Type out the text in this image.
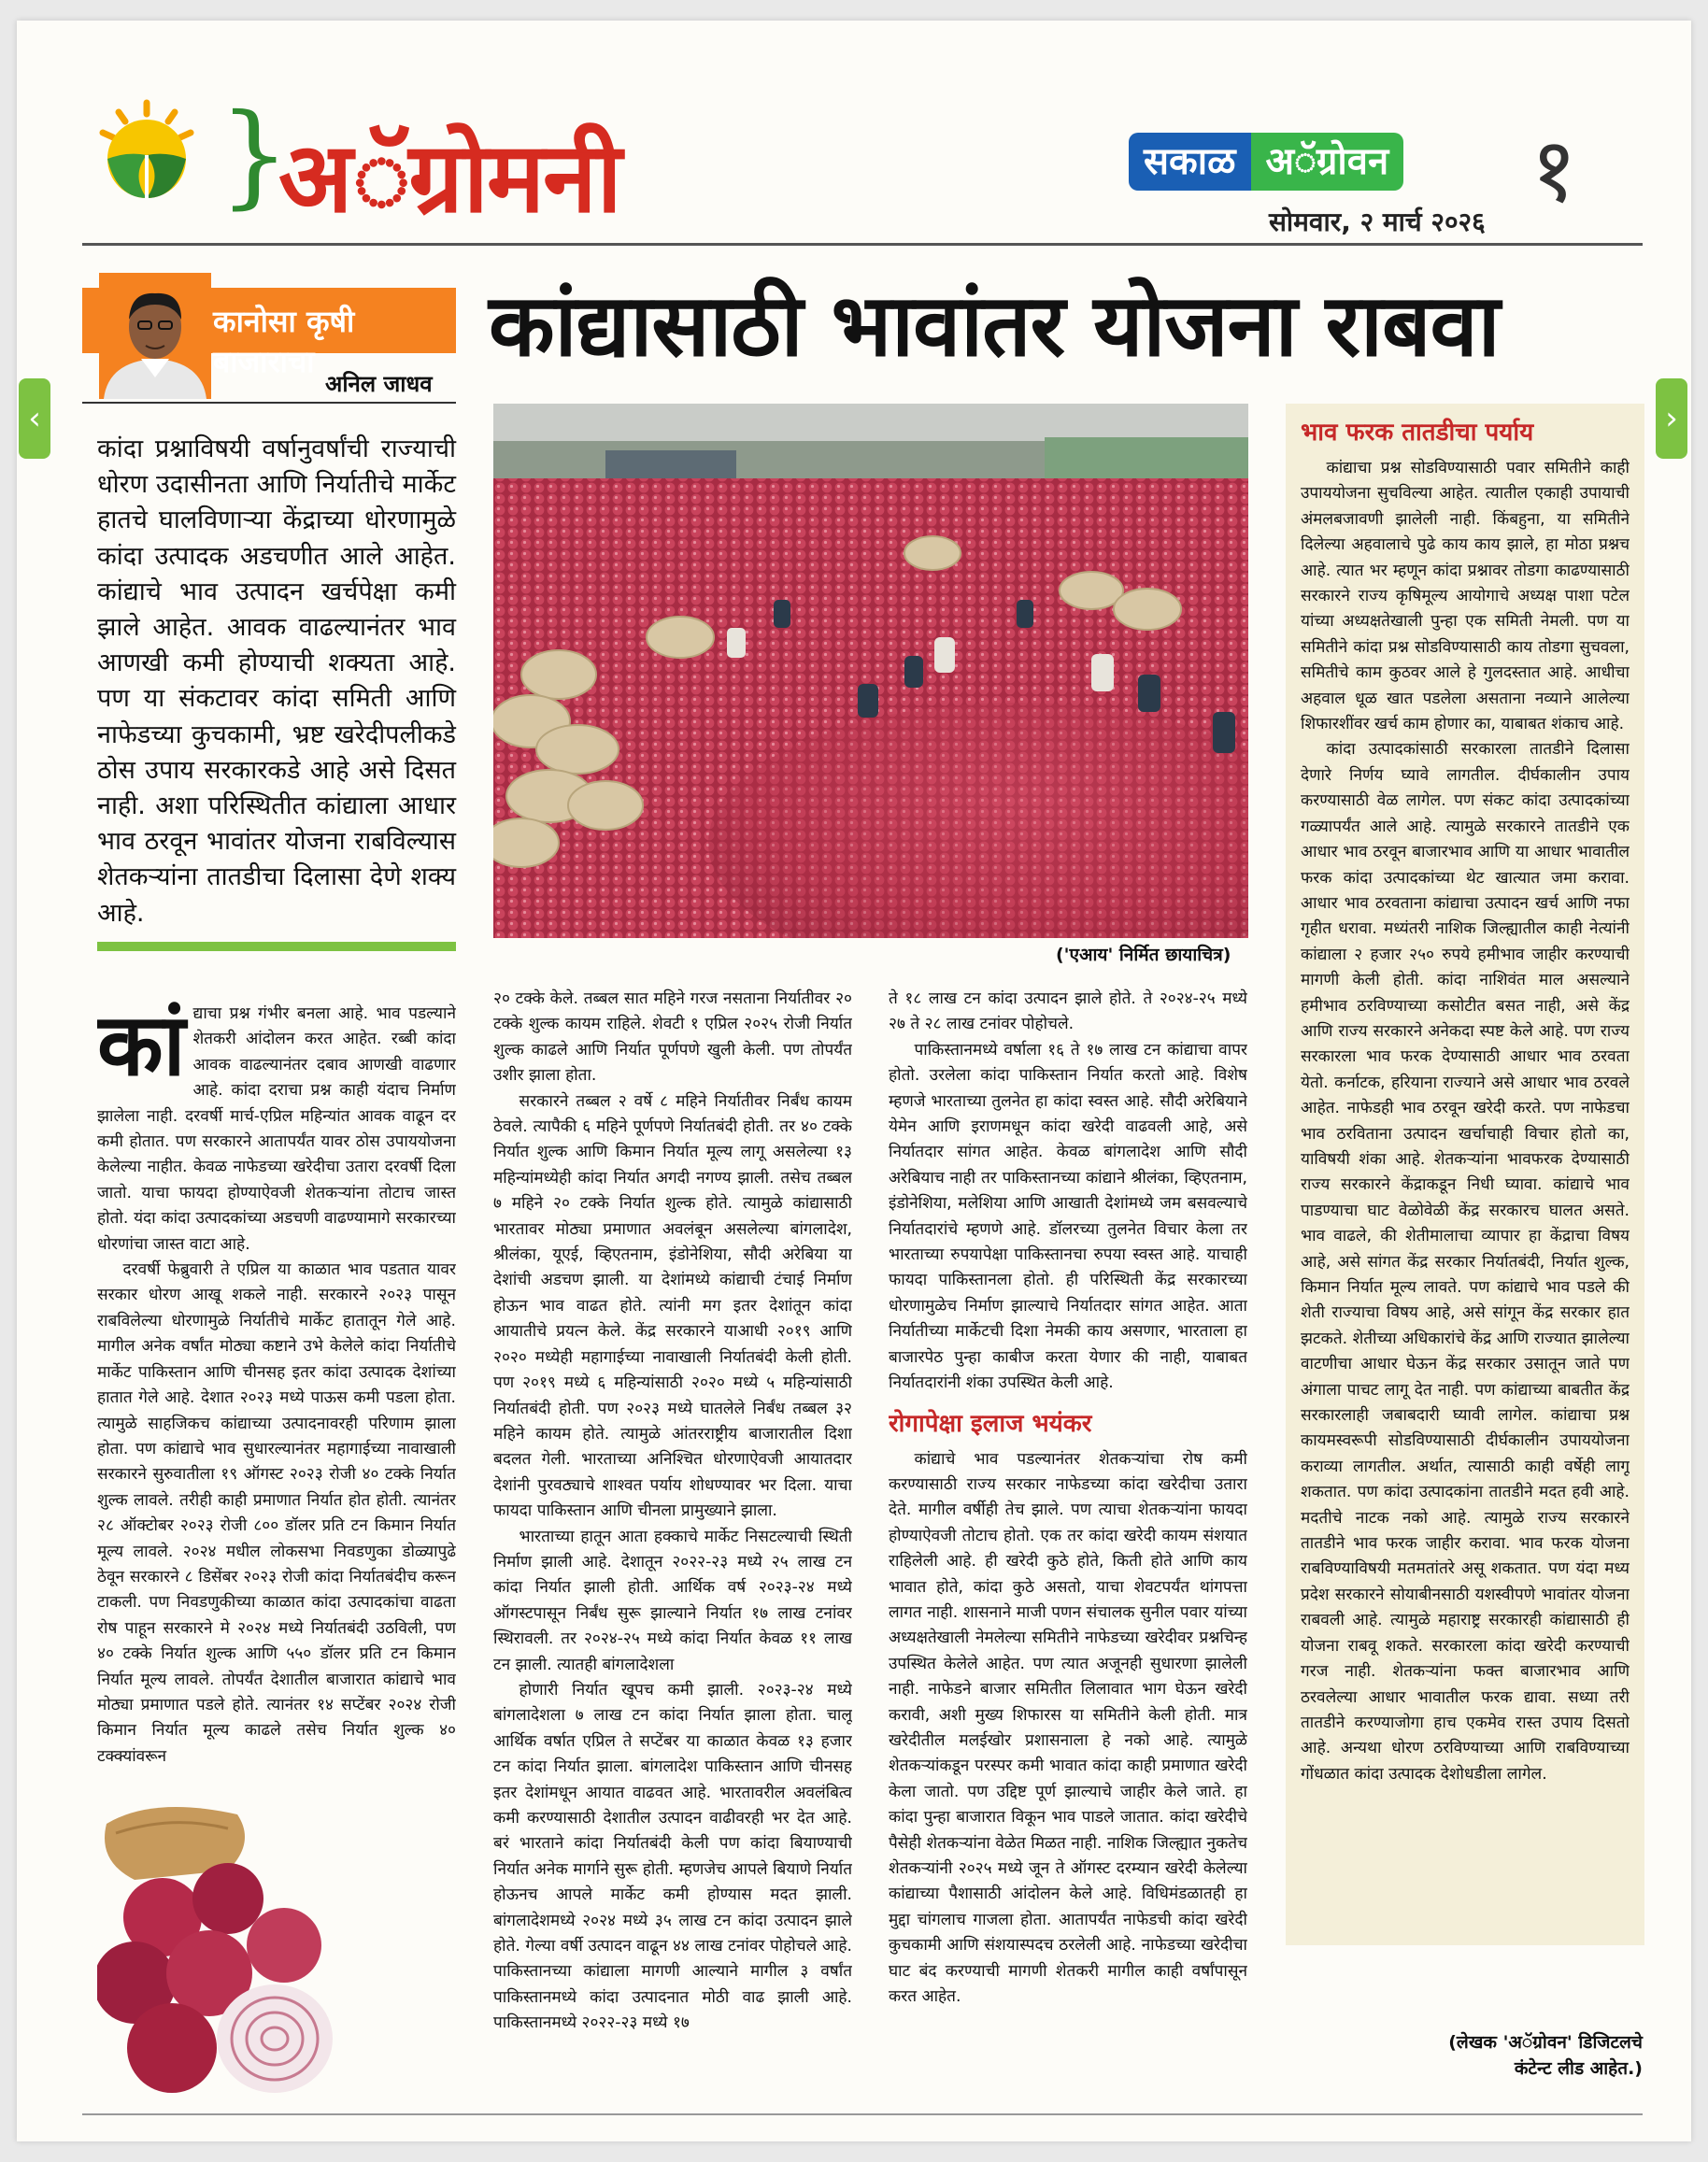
}
अॅग्रोमनी	सकाळ अॅग्रोवन १
सोमवार, २ मार्च २०२६
कानोसा कृषी बाजाराचा
अनिल जाधव
कांद्यासाठी भावांतर योजना राबवा
कांदा प्रश्नाविषयी वर्षानुवर्षांची राज्याची धोरण उदासीनता आणि निर्यातीचे मार्केट हातचे घालविणाऱ्या केंद्राच्या धोरणामुळे कांदा उत्पादक अडचणीत आले आहेत. कांद्याचे भाव उत्पादन खर्चपेक्षा कमी झाले आहेत. आवक वाढल्यानंतर भाव आणखी कमी होण्याची शक्यता आहे. पण या संकटावर कांदा समिती आणि नाफेडच्या कुचकामी, भ्रष्ट खरेदीपलीकडे ठोस उपाय सरकारकडे आहे असे दिसत नाही. अशा परिस्थितीत कांद्याला आधार भाव ठरवून भावांतर योजना राबविल्यास शेतकऱ्यांना तातडीचा दिलासा देणे शक्य आहे.
('एआय' निर्मित छायाचित्र)
कां द्याचा प्रश्न गंभीर बनला आहे. भाव पडल्याने शेतकरी आंदोलन करत आहेत. रब्बी कांदा आवक वाढल्यानंतर दबाव आणखी वाढणार आहे. कांदा दराचा प्रश्न काही यंदाच निर्माण झालेला नाही. दरवर्षी मार्च-एप्रिल महिन्यांत आवक वाढून दर कमी होतात. पण सरकारने आतापर्यंत यावर ठोस उपाययोजना केलेल्या नाहीत. केवळ नाफेडच्या खरेदीचा उतारा दरवर्षी दिला जातो. याचा फायदा होण्याऐवजी शेतकऱ्यांना तोटाच जास्त होतो. यंदा कांदा उत्पादकांच्या अडचणी वाढण्यामागे सरकारच्या धोरणांचा जास्त वाटा आहे.

दरवर्षी फेब्रुवारी ते एप्रिल या काळात भाव पडतात यावर सरकार धोरण आखू शकले नाही. सरकारने २०२३ पासून राबविलेल्या धोरणामुळे निर्यातीचे मार्केट हातातून गेले आहे. मागील अनेक वर्षांत मोठ्या कष्टाने उभे केलेले कांदा निर्यातीचे मार्केट पाकिस्तान आणि चीनसह इतर कांदा उत्पादक देशांच्या हातात गेले आहे. देशात २०२३ मध्ये पाऊस कमी पडला होता. त्यामुळे साहजिकच कांद्याच्या उत्पादनावरही परिणाम झाला होता. पण कांद्याचे भाव सुधारल्यानंतर महागाईच्या नावाखाली सरकारने सुरुवातीला १९ ऑगस्ट २०२३ रोजी ४० टक्के निर्यात शुल्क लावले. तरीही काही प्रमाणात निर्यात होत होती. त्यानंतर २८ ऑक्टोबर २०२३ रोजी ८०० डॉलर प्रति टन किमान निर्यात मूल्य लावले. २०२४ मधील लोकसभा निवडणुका डोळ्यापुढे ठेवून सरकारने ८ डिसेंबर २०२३ रोजी कांदा निर्यातबंदीच करून टाकली. पण निवडणुकीच्या काळात कांदा उत्पादकांचा वाढता रोष पाहून सरकारने मे २०२४ मध्ये निर्यातबंदी उठविली, पण ४० टक्के निर्यात शुल्क आणि ५५० डॉलर प्रति टन किमान निर्यात मूल्य लावले. तोपर्यंत देशातील बाजारात कांद्याचे भाव मोठ्या प्रमाणात पडले होते. त्यानंतर १४ सप्टेंबर २०२४ रोजी किमान निर्यात मूल्य काढले तसेच निर्यात शुल्क ४० टक्क्यांवरून

२० टक्के केले. तब्बल सात महिने गरज नसताना निर्यातीवर २० टक्के शुल्क कायम राहिले. शेवटी १ एप्रिल २०२५ रोजी निर्यात शुल्क काढले आणि निर्यात पूर्णपणे खुली केली. पण तोपर्यंत उशीर झाला होता.

सरकारने तब्बल २ वर्षे ८ महिने निर्यातीवर निर्बंध कायम ठेवले. त्यापैकी ६ महिने पूर्णपणे निर्यातबंदी होती. तर ४० टक्के निर्यात शुल्क आणि किमान निर्यात मूल्य लागू असलेल्या १३ महिन्यांमध्येही कांदा निर्यात अगदी नगण्य झाली. तसेच तब्बल ७ महिने २० टक्के निर्यात शुल्क होते. त्यामुळे कांद्यासाठी भारतावर मोठ्या प्रमाणात अवलंबून असलेल्या बांगलादेश, श्रीलंका, यूएई, व्हिएतनाम, इंडोनेशिया, सौदी अरेबिया या देशांची अडचण झाली. या देशांमध्ये कांद्याची टंचाई निर्माण होऊन भाव वाढत होते. त्यांनी मग इतर देशांतून कांदा आयातीचे प्रयत्न केले. केंद्र सरकारने याआधी २०१९ आणि २०२० मध्येही महागाईच्या नावाखाली निर्यातबंदी केली होती. पण २०१९ मध्ये ६ महिन्यांसाठी २०२० मध्ये ५ महिन्यांसाठी निर्यातबंदी होती. पण २०२३ मध्ये घातलेले निर्बंध तब्बल ३२ महिने कायम होते. त्यामुळे आंतरराष्ट्रीय बाजारातील दिशा बदलत गेली. भारताच्या अनिश्चित धोरणाऐवजी आयातदार देशांनी पुरवठ्याचे शाश्वत पर्याय शोधण्यावर भर दिला. याचा फायदा पाकिस्तान आणि चीनला प्रामुख्याने झाला.

भारताच्या हातून आता हक्काचे मार्केट निसटल्याची स्थिती निर्माण झाली आहे. देशातून २०२२-२३ मध्ये २५ लाख टन कांदा निर्यात झाली होती. आर्थिक वर्ष २०२३-२४ मध्ये ऑगस्टपासून निर्बंध सुरू झाल्याने निर्यात १७ लाख टनांवर स्थिरावली. तर २०२४-२५ मध्ये कांदा निर्यात केवळ ११ लाख टन झाली. त्यातही बांगलादेशला

होणारी निर्यात खूपच कमी झाली. २०२३-२४ मध्ये बांगलादेशला ७ लाख टन कांदा निर्यात झाला होता. चालू आर्थिक वर्षात एप्रिल ते सप्टेंबर या काळात केवळ १३ हजार टन कांदा निर्यात झाला. बांगलादेश पाकिस्तान आणि चीनसह इतर देशांमधून आयात वाढवत आहे. भारतावरील अवलंबित्व कमी करण्यासाठी देशातील उत्पादन वाढीवरही भर देत आहे. बरं भारताने कांदा निर्यातबंदी केली पण कांदा बियाण्याची निर्यात अनेक मार्गाने सुरू होती. म्हणजेच आपले बियाणे निर्यात होऊनच आपले मार्केट कमी होण्यास मदत झाली. बांगलादेशमध्ये २०२४ मध्ये ३५ लाख टन कांदा उत्पादन झाले होते. गेल्या वर्षी उत्पादन वाढून ४४ लाख टनांवर पोहोचले आहे. पाकिस्तानच्या कांद्याला मागणी आल्याने मागील ३ वर्षांत पाकिस्तानमध्ये कांदा उत्पादनात मोठी वाढ झाली आहे. पाकिस्तानमध्ये २०२२-२३ मध्ये १७

ते १८ लाख टन कांदा उत्पादन झाले होते. ते २०२४-२५ मध्ये २७ ते २८ लाख टनांवर पोहोचले.

पाकिस्तानमध्ये वर्षाला १६ ते १७ लाख टन कांद्याचा वापर होतो. उरलेला कांदा पाकिस्तान निर्यात करतो आहे. विशेष म्हणजे भारताच्या तुलनेत हा कांदा स्वस्त आहे. सौदी अरेबियाने येमेन आणि इराणमधून कांदा खरेदी वाढवली आहे, असे निर्यातदार सांगत आहेत. केवळ बांगलादेश आणि सौदी अरेबियाच नाही तर पाकिस्तानच्या कांद्याने श्रीलंका, व्हिएतनाम, इंडोनेशिया, मलेशिया आणि आखाती देशांमध्ये जम बसवल्याचे निर्यातदारांचे म्हणणे आहे. डॉलरच्या तुलनेत विचार केला तर भारताच्या रुपयापेक्षा पाकिस्तानचा रुपया स्वस्त आहे. याचाही फायदा पाकिस्तानला होतो. ही परिस्थिती केंद्र सरकारच्या धोरणामुळेच निर्माण झाल्याचे निर्यातदार सांगत आहेत. आता निर्यातीच्या मार्केटची दिशा नेमकी काय असणार, भारताला हा बाजारपेठ पुन्हा काबीज करता येणार की नाही, याबाबत निर्यातदारांनी शंका उपस्थित केली आहे.

रोगापेक्षा इलाज भयंकर

कांद्याचे भाव पडल्यानंतर शेतकऱ्यांचा रोष कमी करण्यासाठी राज्य सरकार नाफेडच्या कांदा खरेदीचा उतारा देते. मागील वर्षीही तेच झाले. पण त्याचा शेतकऱ्यांना फायदा होण्याऐवजी तोटाच होतो. एक तर कांदा खरेदी कायम संशयात राहिलेली आहे. ही खरेदी कुठे होते, किती होते आणि काय भावात होते, कांदा कुठे असतो, याचा शेवटपर्यंत थांगपत्ता लागत नाही. शासनाने माजी पणन संचालक सुनील पवार यांच्या अध्यक्षतेखाली नेमलेल्या समितीने नाफेडच्या खरेदीवर प्रश्नचिन्ह उपस्थित केलेले आहेत. पण त्यात अजूनही सुधारणा झालेली नाही. नाफेडने बाजार समितीत लिलावात भाग घेऊन खरेदी करावी, अशी मुख्य शिफारस या समितीने केली होती. मात्र खरेदीतील मलईखोर प्रशासनाला हे नको आहे. त्यामुळे शेतकऱ्यांकडून परस्पर कमी भावात कांदा काही प्रमाणात खरेदी केला जातो. पण उद्दिष्ट पूर्ण झाल्याचे जाहीर केले जाते. हा कांदा पुन्हा बाजारात विकून भाव पाडले जातात. कांदा खरेदीचे पैसेही शेतकऱ्यांना वेळेत मिळत नाही. नाशिक जिल्ह्यात नुकतेच शेतकऱ्यांनी २०२५ मध्ये जून ते ऑगस्ट दरम्यान खरेदी केलेल्या कांद्याच्या पैशासाठी आंदोलन केले आहे. विधिमंडळातही हा मुद्दा चांगलाच गाजला होता. आतापर्यंत नाफेडची कांदा खरेदी कुचकामी आणि संशयास्पदच ठरलेली आहे. नाफेडच्या खरेदीचा घाट बंद करण्याची मागणी शेतकरी मागील काही वर्षांपासून करत आहेत.

भाव फरक तातडीचा पर्याय

कांद्याचा प्रश्न सोडविण्यासाठी पवार समितीने काही उपाययोजना सुचविल्या आहेत. त्यातील एकाही उपायाची अंमलबजावणी झालेली नाही. किंबहुना, या समितीने दिलेल्या अहवालाचे पुढे काय काय झाले, हा मोठा प्रश्नच आहे. त्यात भर म्हणून कांदा प्रश्नावर तोडगा काढण्यासाठी सरकारने राज्य कृषिमूल्य आयोगाचे अध्यक्ष पाशा पटेल यांच्या अध्यक्षतेखाली पुन्हा एक समिती नेमली. पण या समितीने कांदा प्रश्न सोडविण्यासाठी काय तोडगा सुचवला, समितीचे काम कुठवर आले हे गुलदस्तात आहे. आधीचा अहवाल धूळ खात पडलेला असताना नव्याने आलेल्या शिफारशींवर खर्च काम होणार का, याबाबत शंकाच आहे.

कांदा उत्पादकांसाठी सरकारला तातडीने दिलासा देणारे निर्णय घ्यावे लागतील. दीर्घकालीन उपाय करण्यासाठी वेळ लागेल. पण संकट कांदा उत्पादकांच्या गळ्यापर्यंत आले आहे. त्यामुळे सरकारने तातडीने एक आधार भाव ठरवून बाजारभाव आणि या आधार भावातील फरक कांदा उत्पादकांच्या थेट खात्यात जमा करावा. आधार भाव ठरवताना कांद्याचा उत्पादन खर्च आणि नफा गृहीत धरावा. मध्यंतरी नाशिक जिल्ह्यातील काही नेत्यांनी कांद्याला २ हजार २५० रुपये हमीभाव जाहीर करण्याची मागणी केली होती. कांदा नाशिवंत माल असल्याने हमीभाव ठरविण्याच्या कसोटीत बसत नाही, असे केंद्र आणि राज्य सरकारने अनेकदा स्पष्ट केले आहे. पण राज्य सरकारला भाव फरक देण्यासाठी आधार भाव ठरवता येतो. कर्नाटक, हरियाना राज्याने असे आधार भाव ठरवले आहेत. नाफेडही भाव ठरवून खरेदी करते. पण नाफेडचा भाव ठरविताना उत्पादन खर्चाचाही विचार होतो का, याविषयी शंका आहे. शेतकऱ्यांना भावफरक देण्यासाठी राज्य सरकारने केंद्राकडून निधी घ्यावा. कांद्याचे भाव पाडण्याचा घाट वेळोवेळी केंद्र सरकारच घालत असते. भाव वाढले, की शेतीमालाचा व्यापार हा केंद्राचा विषय आहे, असे सांगत केंद्र सरकार निर्यातबंदी, निर्यात शुल्क, किमान निर्यात मूल्य लावते. पण कांद्याचे भाव पडले की शेती राज्याचा विषय आहे, असे सांगून केंद्र सरकार हात झटकते. शेतीच्या अधिकारांचे केंद्र आणि राज्यात झालेल्या वाटणीचा आधार घेऊन केंद्र सरकार उसातून जाते पण अंगाला पाचट लागू देत नाही. पण कांद्याच्या बाबतीत केंद्र सरकारलाही जबाबदारी घ्यावी लागेल. कांद्याचा प्रश्न कायमस्वरूपी सोडविण्यासाठी दीर्घकालीन उपाययोजना कराव्या लागतील. अर्थात, त्यासाठी काही वर्षेही लागू शकतात. पण कांदा उत्पादकांना तातडीने मदत हवी आहे. मदतीचे नाटक नको आहे. त्यामुळे राज्य सरकारने तातडीने भाव फरक जाहीर करावा. भाव फरक योजना राबविण्याविषयी मतमतांतरे असू शकतात. पण यंदा मध्य प्रदेश सरकारने सोयाबीनसाठी यशस्वीपणे भावांतर योजना राबवली आहे. त्यामुळे महाराष्ट्र सरकारही कांद्यासाठी ही योजना राबवू शकते. सरकारला कांदा खरेदी करण्याची गरज नाही. शेतकऱ्यांना फक्त बाजारभाव आणि ठरवलेल्या आधार भावातील फरक द्यावा. सध्या तरी तातडीने करण्याजोगा हाच एकमेव रास्त उपाय दिसतो आहे. अन्यथा धोरण ठरविण्याच्या आणि राबविण्याच्या गोंधळात कांदा उत्पादक देशोधडीला लागेल.

(लेखक 'अॅग्रोवन' डिजिटलचे कंटेन्ट लीड आहेत.)
‹	›
